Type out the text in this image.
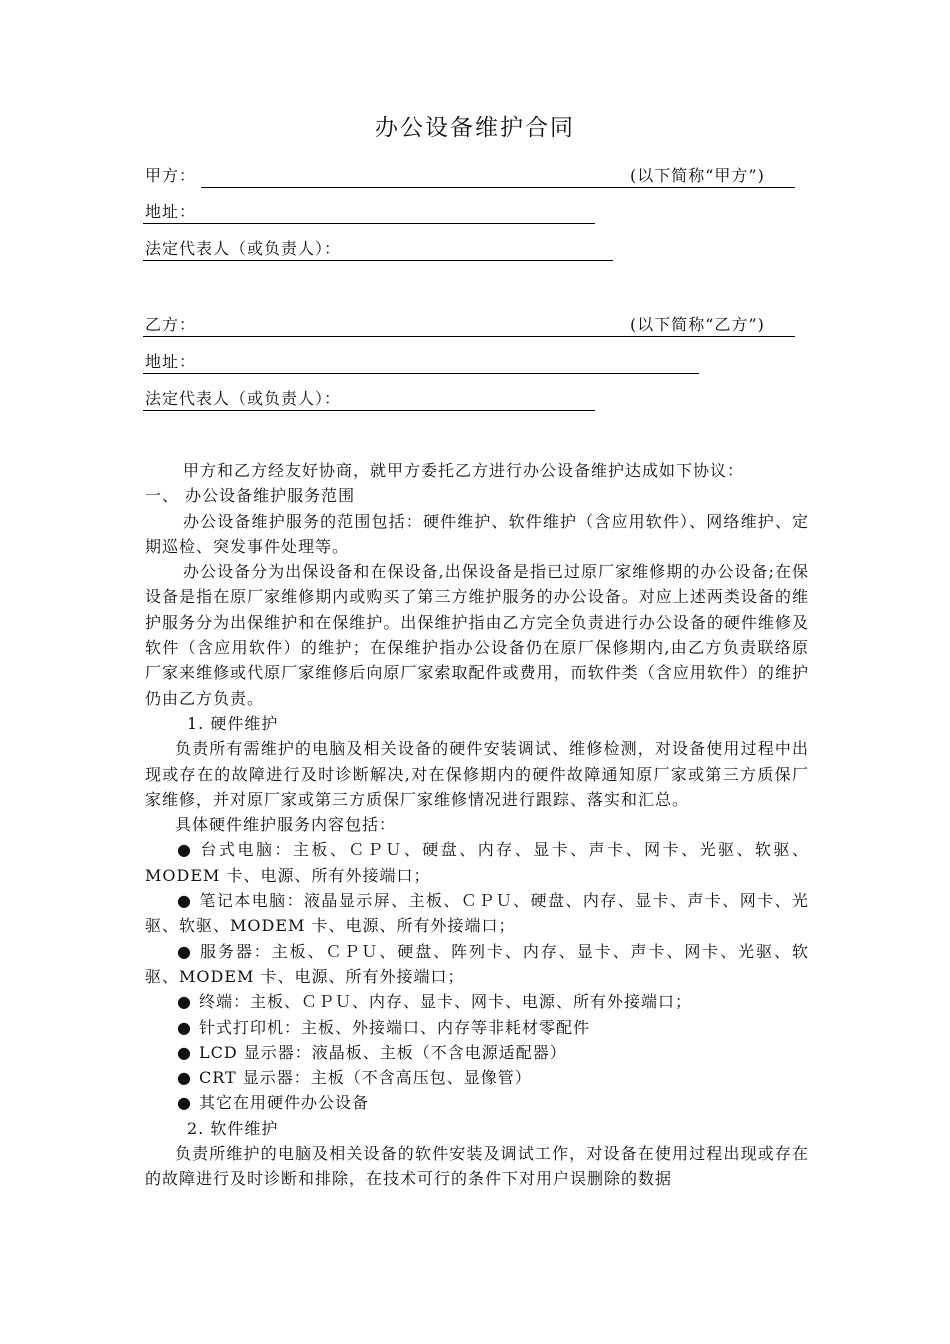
办公设备维护合同
甲方：	(以下简称“甲方”)
地址：
法定代表人（或负责人）：
乙方：	(以下简称“乙方”)
地址：
法定代表人（或负责人）：

甲方和乙方经友好协商，就甲方委托乙方进行办公设备维护达成如下协议：

一、 办公设备维护服务范围

办公设备维护服务的范围包括：硬件维护、软件维护（含应用软件）、网络维护、定期巡检、突发事件处理等。

办公设备分为出保设备和在保设备,出保设备是指已过原厂家维修期的办公设备;在保设备是指在原厂家维修期内或购买了第三方维护服务的办公设备。对应上述两类设备的维护服务分为出保维护和在保维护。出保维护指由乙方完全负责进行办公设备的硬件维修及软件（含应用软件）的维护；在保维护指办公设备仍在原厂保修期内,由乙方负责联络原厂家来维修或代原厂家维修后向原厂家索取配件或费用，而软件类（含应用软件）的维护仍由乙方负责。

1. 硬件维护

负责所有需维护的电脑及相关设备的硬件安装调试、维修检测，对设备使用过程中出现或存在的故障进行及时诊断解决,对在保修期内的硬件故障通知原厂家或第三方质保厂家维修，并对原厂家或第三方质保厂家维修情况进行跟踪、落实和汇总。

具体硬件维护服务内容包括：

● 台式电脑：主板、ＣＰＵ、硬盘、内存、显卡、声卡、网卡、光驱、软驱、MODEM 卡、电源、所有外接端口；

● 笔记本电脑：液晶显示屏、主板、ＣＰＵ、硬盘、内存、显卡、声卡、网卡、光驱、软驱、MODEM 卡、电源、所有外接端口；

● 服务器：主板、ＣＰＵ、硬盘、阵列卡、内存、显卡、声卡、网卡、光驱、软驱、MODEM 卡、电源、所有外接端口；

● 终端：主板、ＣＰＵ、内存、显卡、网卡、电源、所有外接端口；

● 针式打印机：主板、外接端口、内存等非耗材零配件

● LCD 显示器：液晶板、主板（不含电源适配器）

● CRT 显示器：主板（不含高压包、显像管）

● 其它在用硬件办公设备

2. 软件维护

负责所维护的电脑及相关设备的软件安装及调试工作，对设备在使用过程出现或存在的故障进行及时诊断和排除，在技术可行的条件下对用户误删除的数据
